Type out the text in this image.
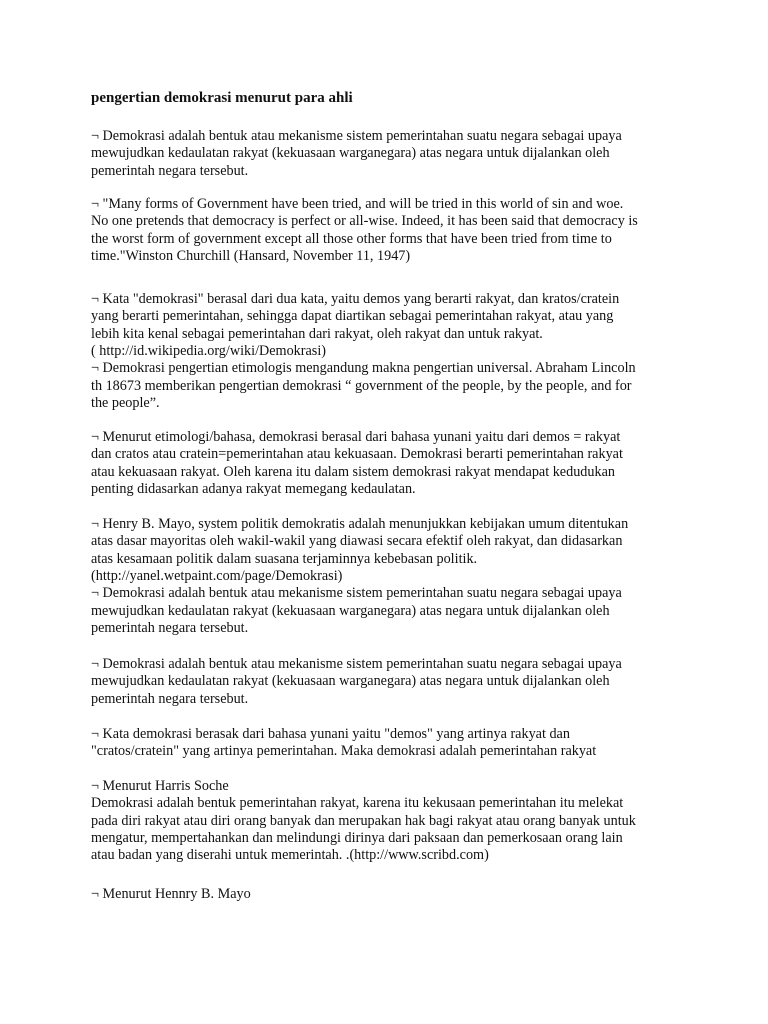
pengertian demokrasi menurut para ahli
¬ Demokrasi adalah bentuk atau mekanisme sistem pemerintahan suatu negara sebagai upaya
mewujudkan kedaulatan rakyat (kekuasaan warganegara) atas negara untuk dijalankan oleh
pemerintah negara tersebut.
¬ "Many forms of Government have been tried, and will be tried in this world of sin and woe.
No one pretends that democracy is perfect or all-wise. Indeed, it has been said that democracy is
the worst form of government except all those other forms that have been tried from time to
time."Winston Churchill (Hansard, November 11, 1947)
¬ Kata "demokrasi" berasal dari dua kata, yaitu demos yang berarti rakyat, dan kratos/cratein
yang berarti pemerintahan, sehingga dapat diartikan sebagai pemerintahan rakyat, atau yang
lebih kita kenal sebagai pemerintahan dari rakyat, oleh rakyat dan untuk rakyat.
( http://id.wikipedia.org/wiki/Demokrasi)
¬ Demokrasi pengertian etimologis mengandung makna pengertian universal. Abraham Lincoln
th 18673 memberikan pengertian demokrasi “ government of the people, by the people, and for
the people”.
¬ Menurut etimologi/bahasa, demokrasi berasal dari bahasa yunani yaitu dari demos = rakyat
dan cratos atau cratein=pemerintahan atau kekuasaan. Demokrasi berarti pemerintahan rakyat
atau kekuasaan rakyat. Oleh karena itu dalam sistem demokrasi rakyat mendapat kedudukan
penting didasarkan adanya rakyat memegang kedaulatan.
¬ Henry B. Mayo, system politik demokratis adalah menunjukkan kebijakan umum ditentukan
atas dasar mayoritas oleh wakil-wakil yang diawasi secara efektif oleh rakyat, dan didasarkan
atas kesamaan politik dalam suasana terjaminnya kebebasan politik.
(http://yanel.wetpaint.com/page/Demokrasi)
¬ Demokrasi adalah bentuk atau mekanisme sistem pemerintahan suatu negara sebagai upaya
mewujudkan kedaulatan rakyat (kekuasaan warganegara) atas negara untuk dijalankan oleh
pemerintah negara tersebut.
¬ Demokrasi adalah bentuk atau mekanisme sistem pemerintahan suatu negara sebagai upaya
mewujudkan kedaulatan rakyat (kekuasaan warganegara) atas negara untuk dijalankan oleh
pemerintah negara tersebut.
¬ Kata demokrasi berasak dari bahasa yunani yaitu "demos" yang artinya rakyat dan
"cratos/cratein" yang artinya pemerintahan. Maka demokrasi adalah pemerintahan rakyat
¬ Menurut Harris Soche
Demokrasi adalah bentuk pemerintahan rakyat, karena itu kekusaan pemerintahan itu melekat
pada diri rakyat atau diri orang banyak dan merupakan hak bagi rakyat atau orang banyak untuk
mengatur, mempertahankan dan melindungi dirinya dari paksaan dan pemerkosaan orang lain
atau badan yang diserahi untuk memerintah. .(http://www.scribd.com)
¬ Menurut Hennry B. Mayo
